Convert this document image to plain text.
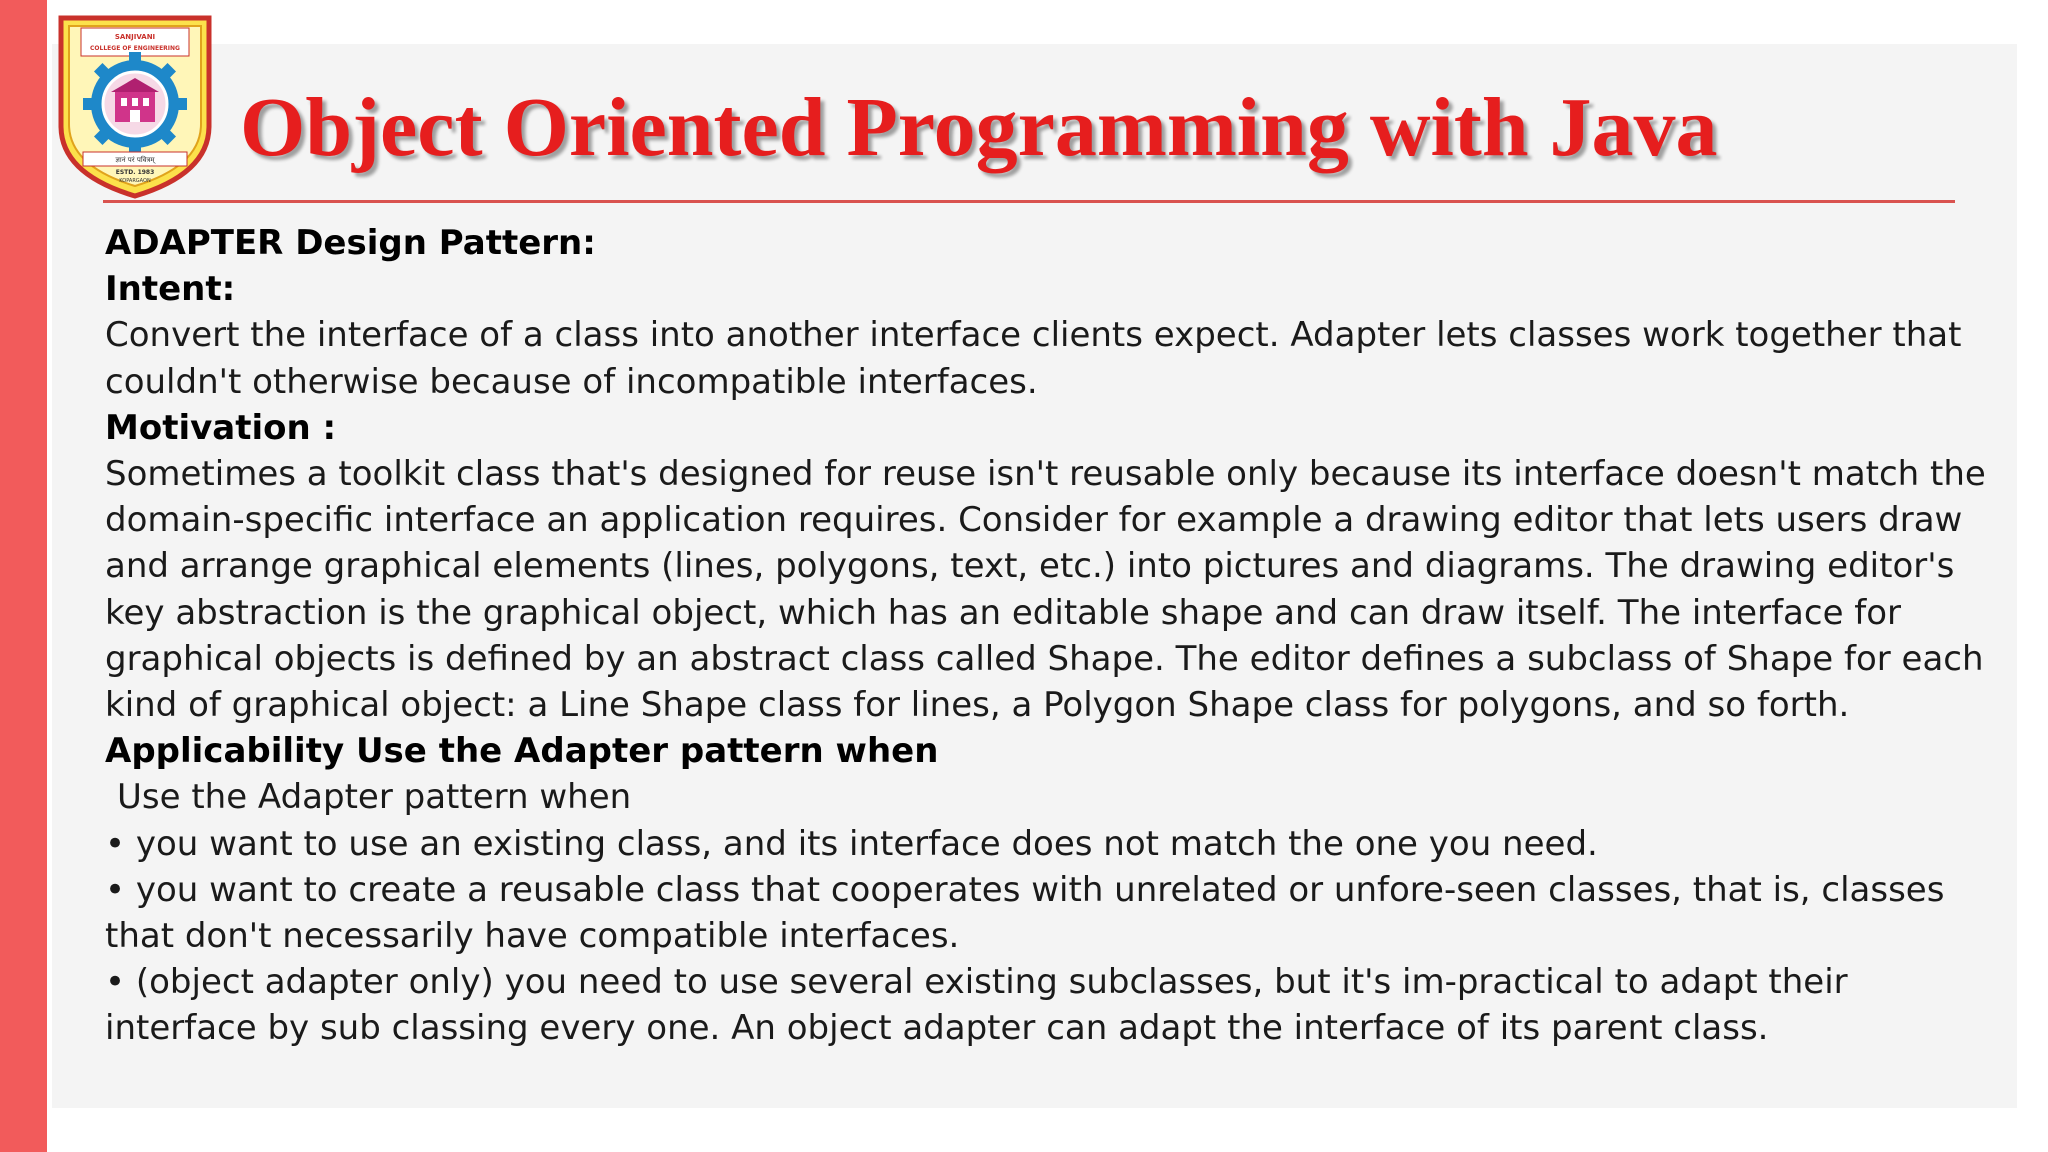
SANJIVANI
COLLEGE OF ENGINEERING
ज्ञानं परं पवित्रम्
ESTD. 1983
KOPARGAON
Object Oriented Programming with Java

ADAPTER Design Pattern:

Intent:

Convert the interface of a class into another interface clients expect. Adapter lets classes work together that

couldn't otherwise because of incompatible interfaces.

Motivation :

Sometimes a toolkit class that's designed for reuse isn't reusable only because its interface doesn't match the

domain-specific interface an application requires. Consider for example a drawing editor that lets users draw

and arrange graphical elements (lines, polygons, text, etc.) into pictures and diagrams. The drawing editor's

key abstraction is the graphical object, which has an editable shape and can draw itself. The interface for

graphical objects is defined by an abstract class called Shape. The editor defines a subclass of Shape for each

kind of graphical object: a Line Shape class for lines, a Polygon Shape class for polygons, and so forth.

Applicability Use the Adapter pattern when

Use the Adapter pattern when

• you want to use an existing class, and its interface does not match the one you need.

• you want to create a reusable class that cooperates with unrelated or unfore-seen classes, that is, classes

that don't necessarily have compatible interfaces.

• (object adapter only) you need to use several existing subclasses, but it's im-practical to adapt their

interface by sub classing every one. An object adapter can adapt the interface of its parent class.
